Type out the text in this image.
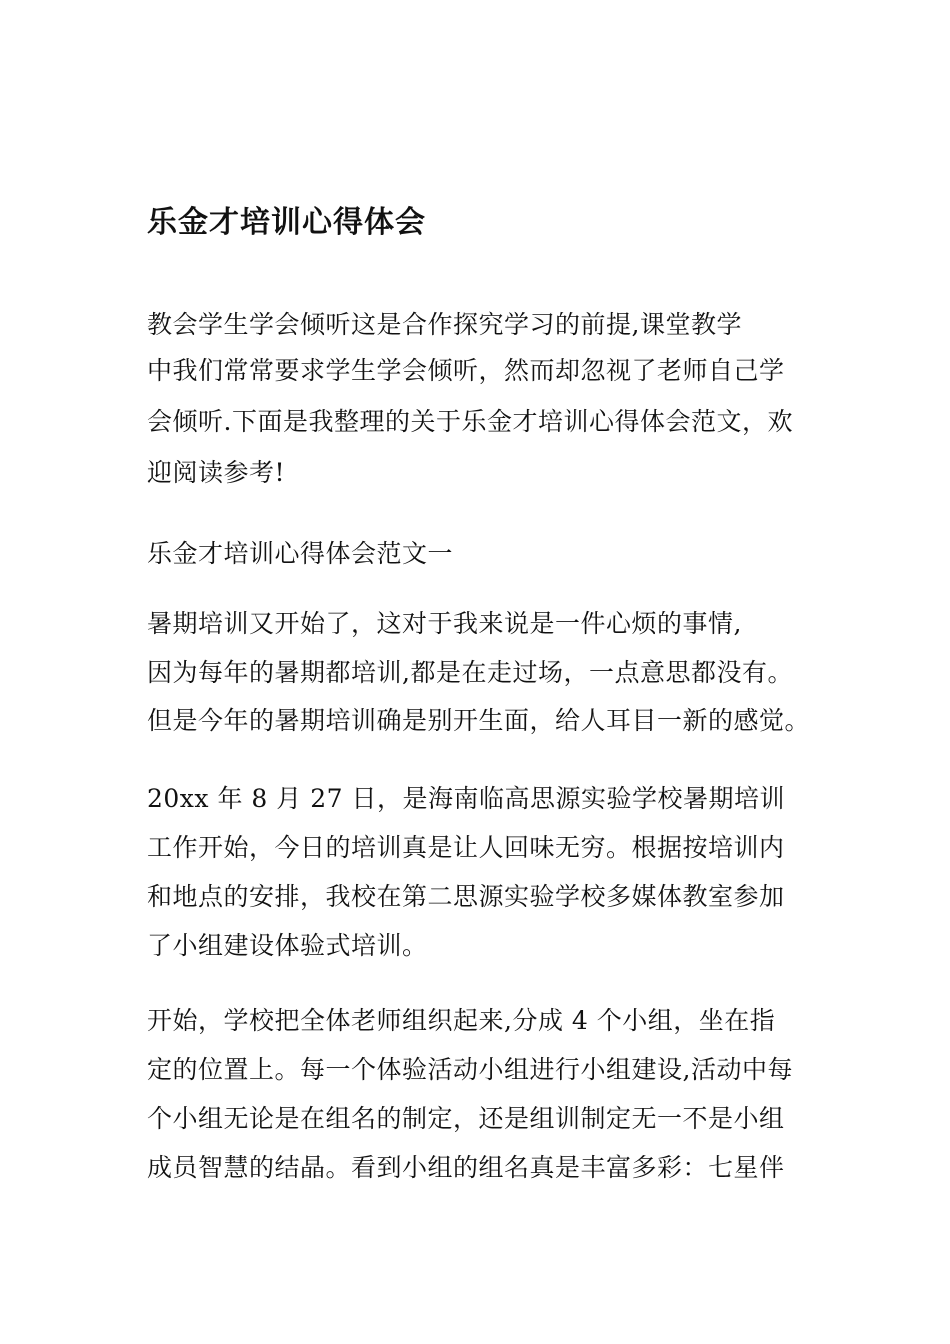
乐金才培训心得体会
教会学生学会倾听这是合作探究学习的前提,课堂教学
中我们常常要求学生学会倾听，然而却忽视了老师自己学
会倾听.下面是我整理的关于乐金才培训心得体会范文，欢
迎阅读参考!
乐金才培训心得体会范文一
暑期培训又开始了，这对于我来说是一件心烦的事情,
因为每年的暑期都培训,都是在走过场，一点意思都没有。
但是今年的暑期培训确是别开生面，给人耳目一新的感觉。
20xx 年 8 月 27 日，是海南临高思源实验学校暑期培训
工作开始，今日的培训真是让人回味无穷。根据按培训内
和地点的安排，我校在第二思源实验学校多媒体教室参加
了小组建设体验式培训。
开始，学校把全体老师组织起来,分成 4 个小组，坐在指
定的位置上。每一个体验活动小组进行小组建设,活动中每
个小组无论是在组名的制定，还是组训制定无一不是小组
成员智慧的结晶。看到小组的组名真是丰富多彩：七星伴
